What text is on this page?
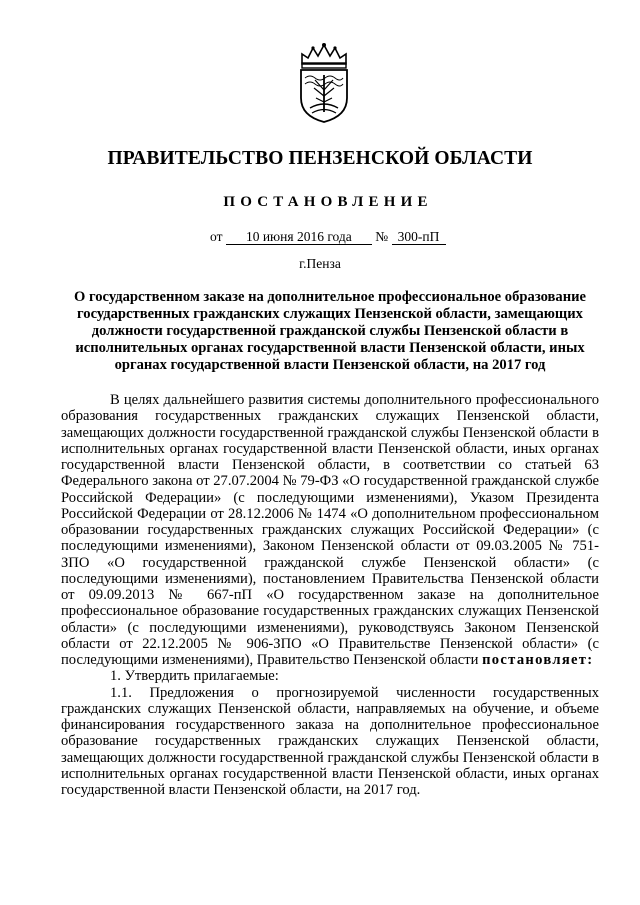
ПРАВИТЕЛЬСТВО ПЕНЗЕНСКОЙ ОБЛАСТИ
ПОСТАНОВЛЕНИЕ
от 10 июня 2016 года № 300-пП
г.Пенза
О государственном заказе на дополнительное профессиональное образование государственных гражданских служащих Пензенской области, замещающих должности государственной гражданской службы Пензенской области в исполнительных органах государственной власти Пензенской области, иных органах государственной власти Пензенской области, на 2017 год

В целях дальнейшего развития системы дополнительного профессионального образования государственных гражданских служащих Пензенской области, замещающих должности государственной гражданской службы Пензенской области в исполнительных органах государственной власти Пензенской области, иных органах государственной власти Пензенской области, в соответствии со статьей 63 Федерального закона от 27.07.2004 № 79-ФЗ «О государственной гражданской службе Российской Федерации» (с последующими изменениями), Указом Президента Российской Федерации от 28.12.2006 № 1474 «О дополнительном профессиональном образовании государственных гражданских служащих Российской Федерации» (с последующими изменениями), Законом Пензенской области от 09.03.2005 № 751-ЗПО «О государственной гражданской службе Пензенской области» (с последующими изменениями), постановлением Правительства Пензенской области от 09.09.2013 № 667-пП «О государственном заказе на дополнительное профессиональное образование государственных гражданских служащих Пензенской области» (с последующими изменениями), руководствуясь Законом Пензенской области от 22.12.2005 № 906-ЗПО «О Правительстве Пензенской области» (с последующими изменениями), Правительство Пензенской области постановляет:

1. Утвердить прилагаемые:

1.1. Предложения о прогнозируемой численности государственных гражданских служащих Пензенской области, направляемых на обучение, и объеме финансирования государственного заказа на дополнительное профессиональное образование государственных гражданских служащих Пензенской области, замещающих должности государственной гражданской службы Пензенской области в исполнительных органах государственной власти Пензенской области, иных органах государственной власти Пензенской области, на 2017 год.
